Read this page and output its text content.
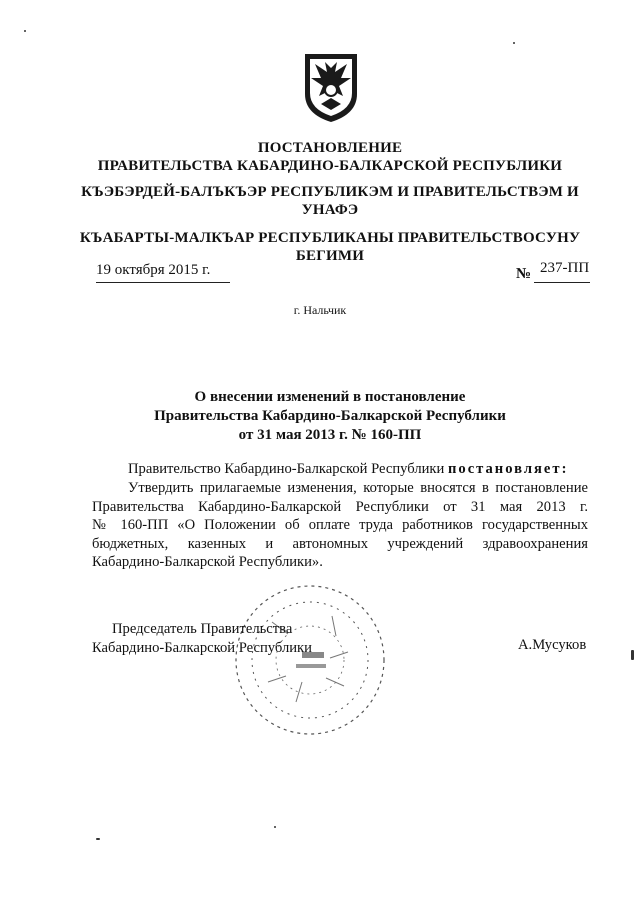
ПОСТАНОВЛЕНИЕ
ПРАВИТЕЛЬСТВА КАБАРДИНО-БАЛКАРСКОЙ РЕСПУБЛИКИ
КЪЭБЭРДЕЙ-БАЛЪКЪЭР РЕСПУБЛИКЭМ И ПРАВИТЕЛЬСТВЭМ И
УНАФЭ
КЪАБАРТЫ-МАЛКЪАР РЕСПУБЛИКАНЫ ПРАВИТЕЛЬСТВОСУНУ
БЕГИМИ
19 октября 2015 г.	№ 237-ПП
г. Нальчик
О внесении изменений в постановление
Правительства Кабардино-Балкарской Республики
от 31 мая 2013 г. № 160-ПП
Правительство Кабардино-Балкарской Республики постановляет:
Утвердить прилагаемые изменения, которые вносятся в постановление
Правительства Кабардино-Балкарской Республики от 31 мая 2013 г.
№ 160-ПП «О Положении об оплате труда работников государственных
бюджетных, казенных и автономных учреждений здравоохранения
Кабардино-Балкарской Республики».
Председатель Правительства
Кабардино-Балкарской Республики	А.Мусуков
